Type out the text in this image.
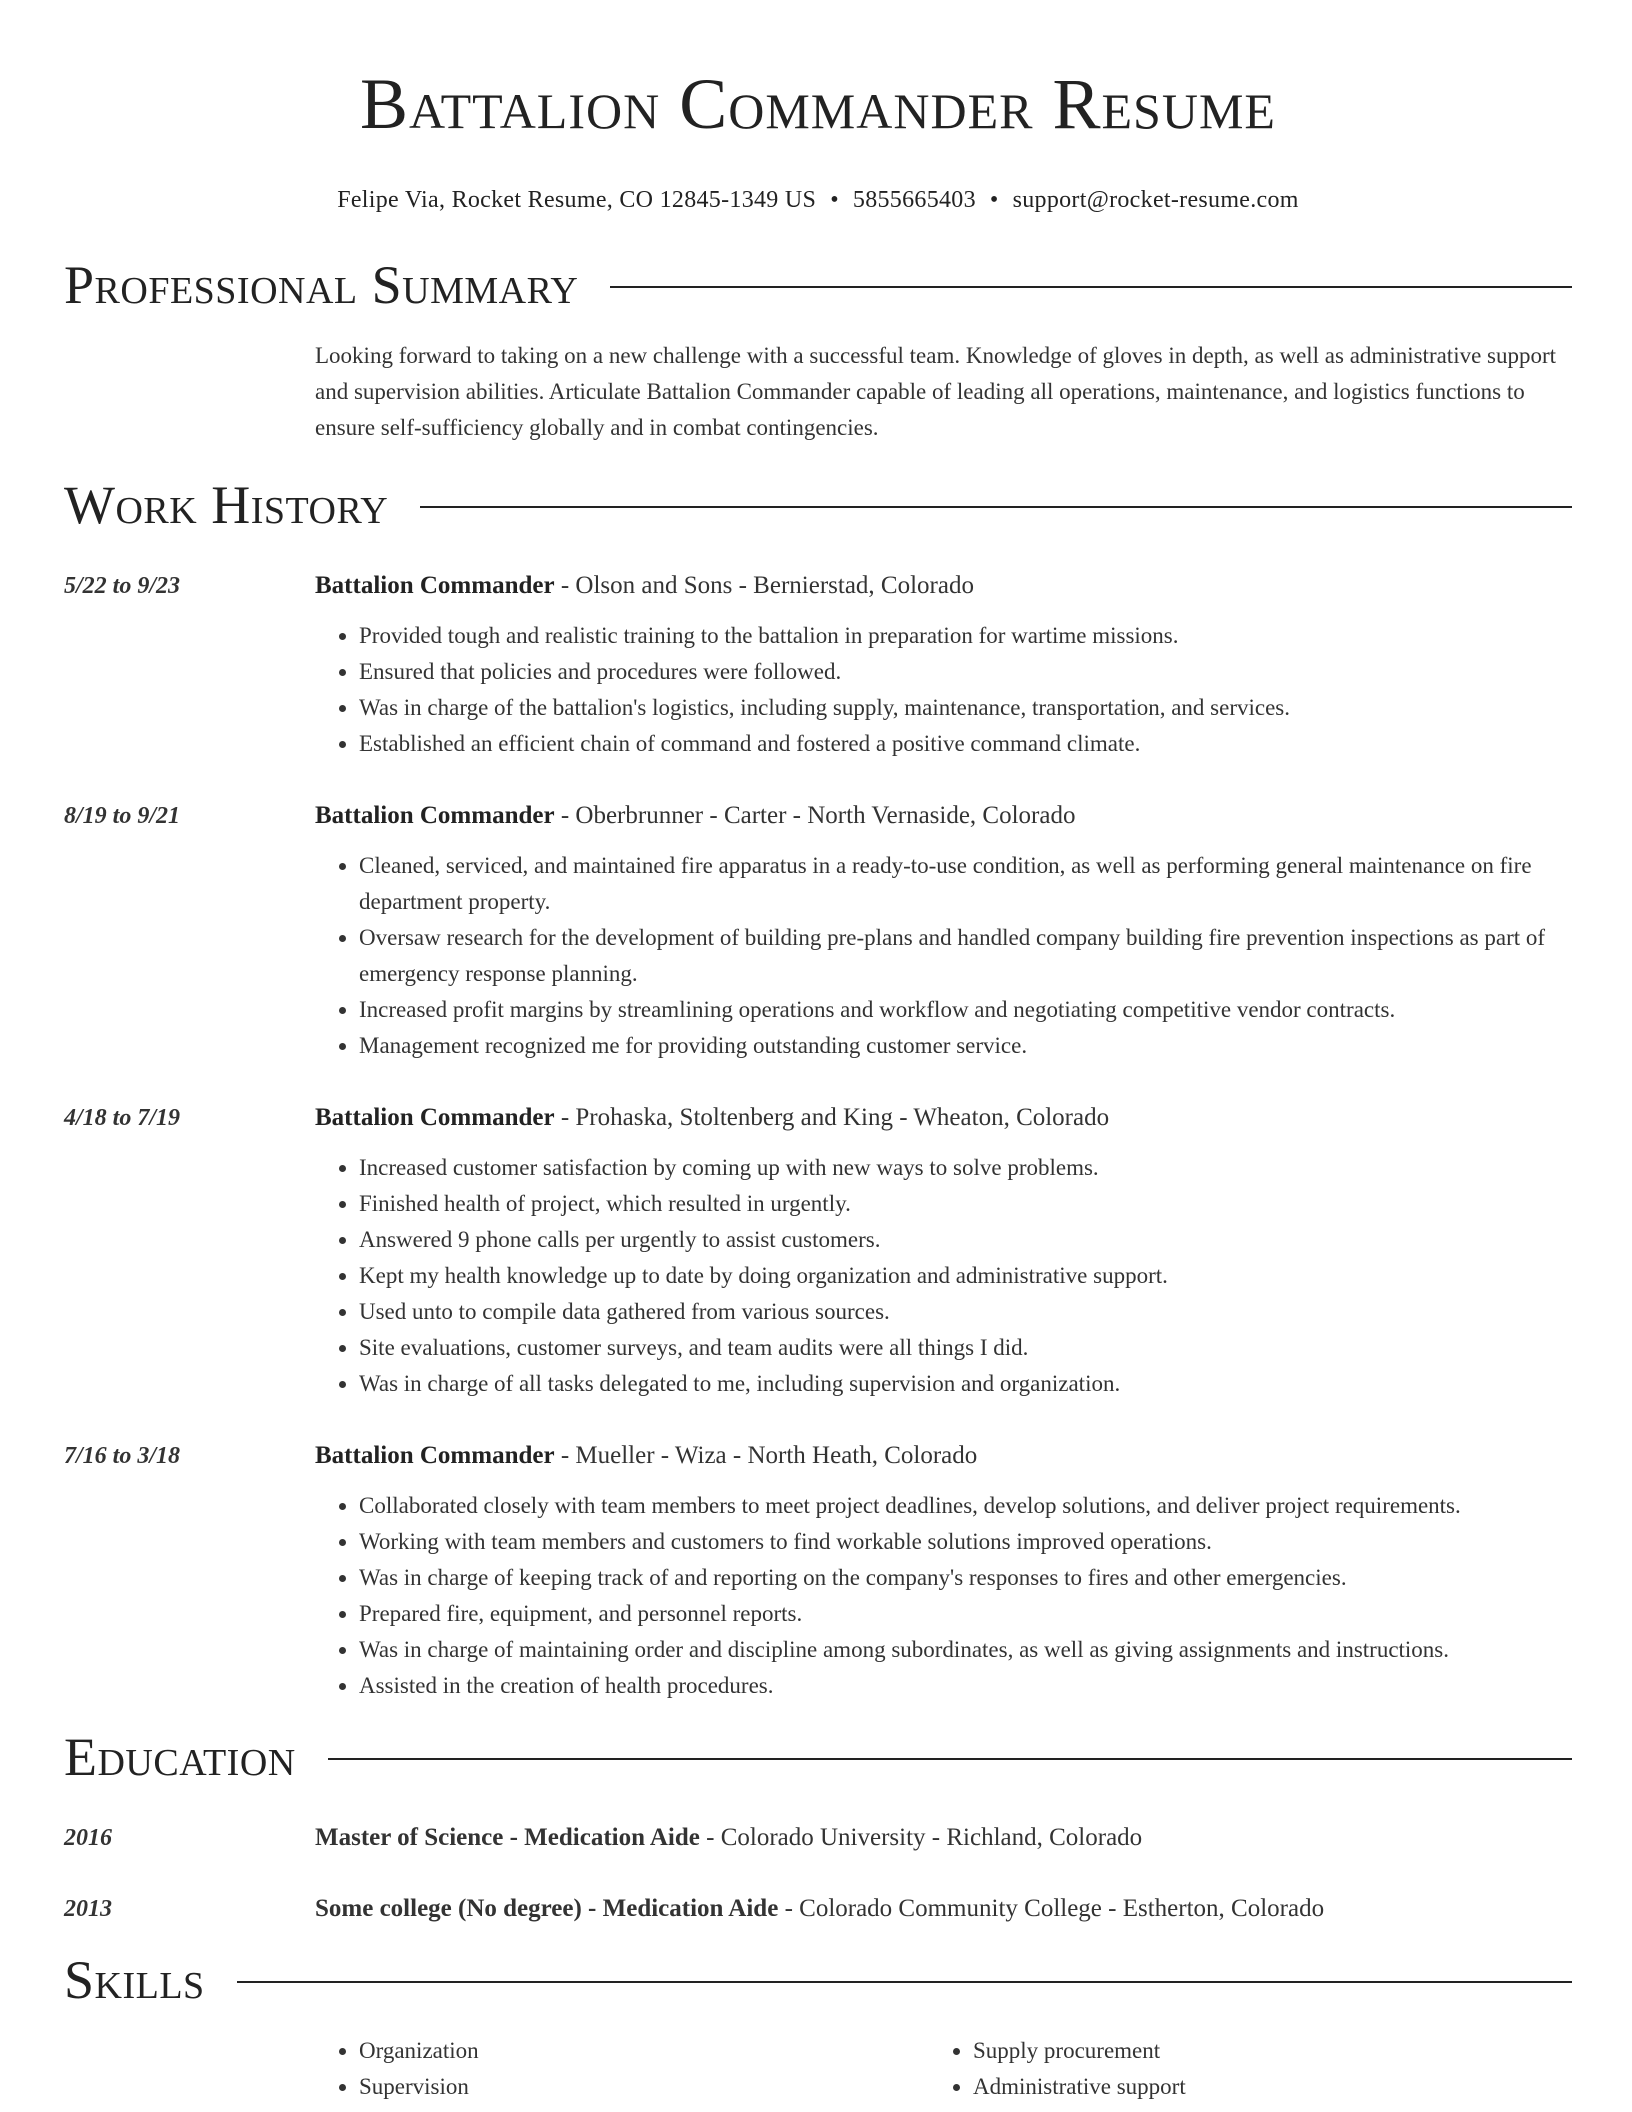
Battalion Commander Resume
Felipe Via, Rocket Resume, CO 12845-1349 US • 5855665403 • support@rocket-resume.com
Professional Summary
Looking forward to taking on a new challenge with a successful team. Knowledge of gloves in depth, as well as administrative support and supervision abilities. Articulate Battalion Commander capable of leading all operations, maintenance, and logistics functions to ensure self-sufficiency globally and in combat contingencies.
Work History
5/22 to 9/23	Battalion Commander - Olson and Sons - Bernierstad, Colorado
• Provided tough and realistic training to the battalion in preparation for wartime missions.
• Ensured that policies and procedures were followed.
• Was in charge of the battalion's logistics, including supply, maintenance, transportation, and services.
• Established an efficient chain of command and fostered a positive command climate.
8/19 to 9/21	Battalion Commander - Oberbrunner - Carter - North Vernaside, Colorado
• Cleaned, serviced, and maintained fire apparatus in a ready-to-use condition, as well as performing general maintenance on fire department property.
• Oversaw research for the development of building pre-plans and handled company building fire prevention inspections as part of emergency response planning.
• Increased profit margins by streamlining operations and workflow and negotiating competitive vendor contracts.
• Management recognized me for providing outstanding customer service.
4/18 to 7/19	Battalion Commander - Prohaska, Stoltenberg and King - Wheaton, Colorado
• Increased customer satisfaction by coming up with new ways to solve problems.
• Finished health of project, which resulted in urgently.
• Answered 9 phone calls per urgently to assist customers.
• Kept my health knowledge up to date by doing organization and administrative support.
• Used unto to compile data gathered from various sources.
• Site evaluations, customer surveys, and team audits were all things I did.
• Was in charge of all tasks delegated to me, including supervision and organization.
7/16 to 3/18	Battalion Commander - Mueller - Wiza - North Heath, Colorado
• Collaborated closely with team members to meet project deadlines, develop solutions, and deliver project requirements.
• Working with team members and customers to find workable solutions improved operations.
• Was in charge of keeping track of and reporting on the company's responses to fires and other emergencies.
• Prepared fire, equipment, and personnel reports.
• Was in charge of maintaining order and discipline among subordinates, as well as giving assignments and instructions.
• Assisted in the creation of health procedures.
Education
2016	Master of Science - Medication Aide - Colorado University - Richland, Colorado
2013	Some college (No degree) - Medication Aide - Colorado Community College - Estherton, Colorado
Skills
• Organization
• Supervision
• Supply procurement
• Administrative support
